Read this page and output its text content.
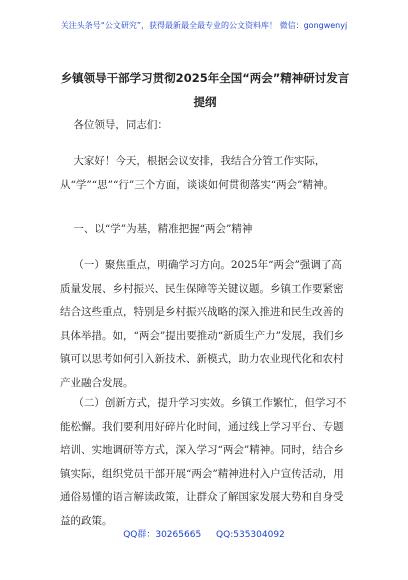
关注头条号“公文研究”，获得最新最全最专业的公文资料库！ 微信：gongwenyj
乡镇领导干部学习贯彻2025年全国“两会”精神研讨发言
提纲
各位领导，同志们：
大家好！今天，根据会议安排，我结合分管工作实际，从“学”“思”“行”三个方面，谈谈如何贯彻落实“两会”精神。
一、以“学”为基，精准把握“两会”精神
（一）聚焦重点，明确学习方向。2025年“两会”强调了高质量发展、乡村振兴、民生保障等关键议题。乡镇工作要紧密结合这些重点，特别是乡村振兴战略的深入推进和民生改善的具体举措。如，“两会”提出要推动“新质生产力”发展，我们乡镇可以思考如何引入新技术、新模式，助力农业现代化和农村产业融合发展。
（二）创新方式，提升学习实效。乡镇工作繁忙，但学习不能松懈。我们要利用好碎片化时间，通过线上学习平台、专题培训、实地调研等方式，深入学习“两会”精神。同时，结合乡镇实际，组织党员干部开展“两会”精神进村入户宣传活动，用通俗易懂的语言解读政策，让群众了解国家发展大势和自身受益的政策。
QQ群：30265665 QQ:535304092
